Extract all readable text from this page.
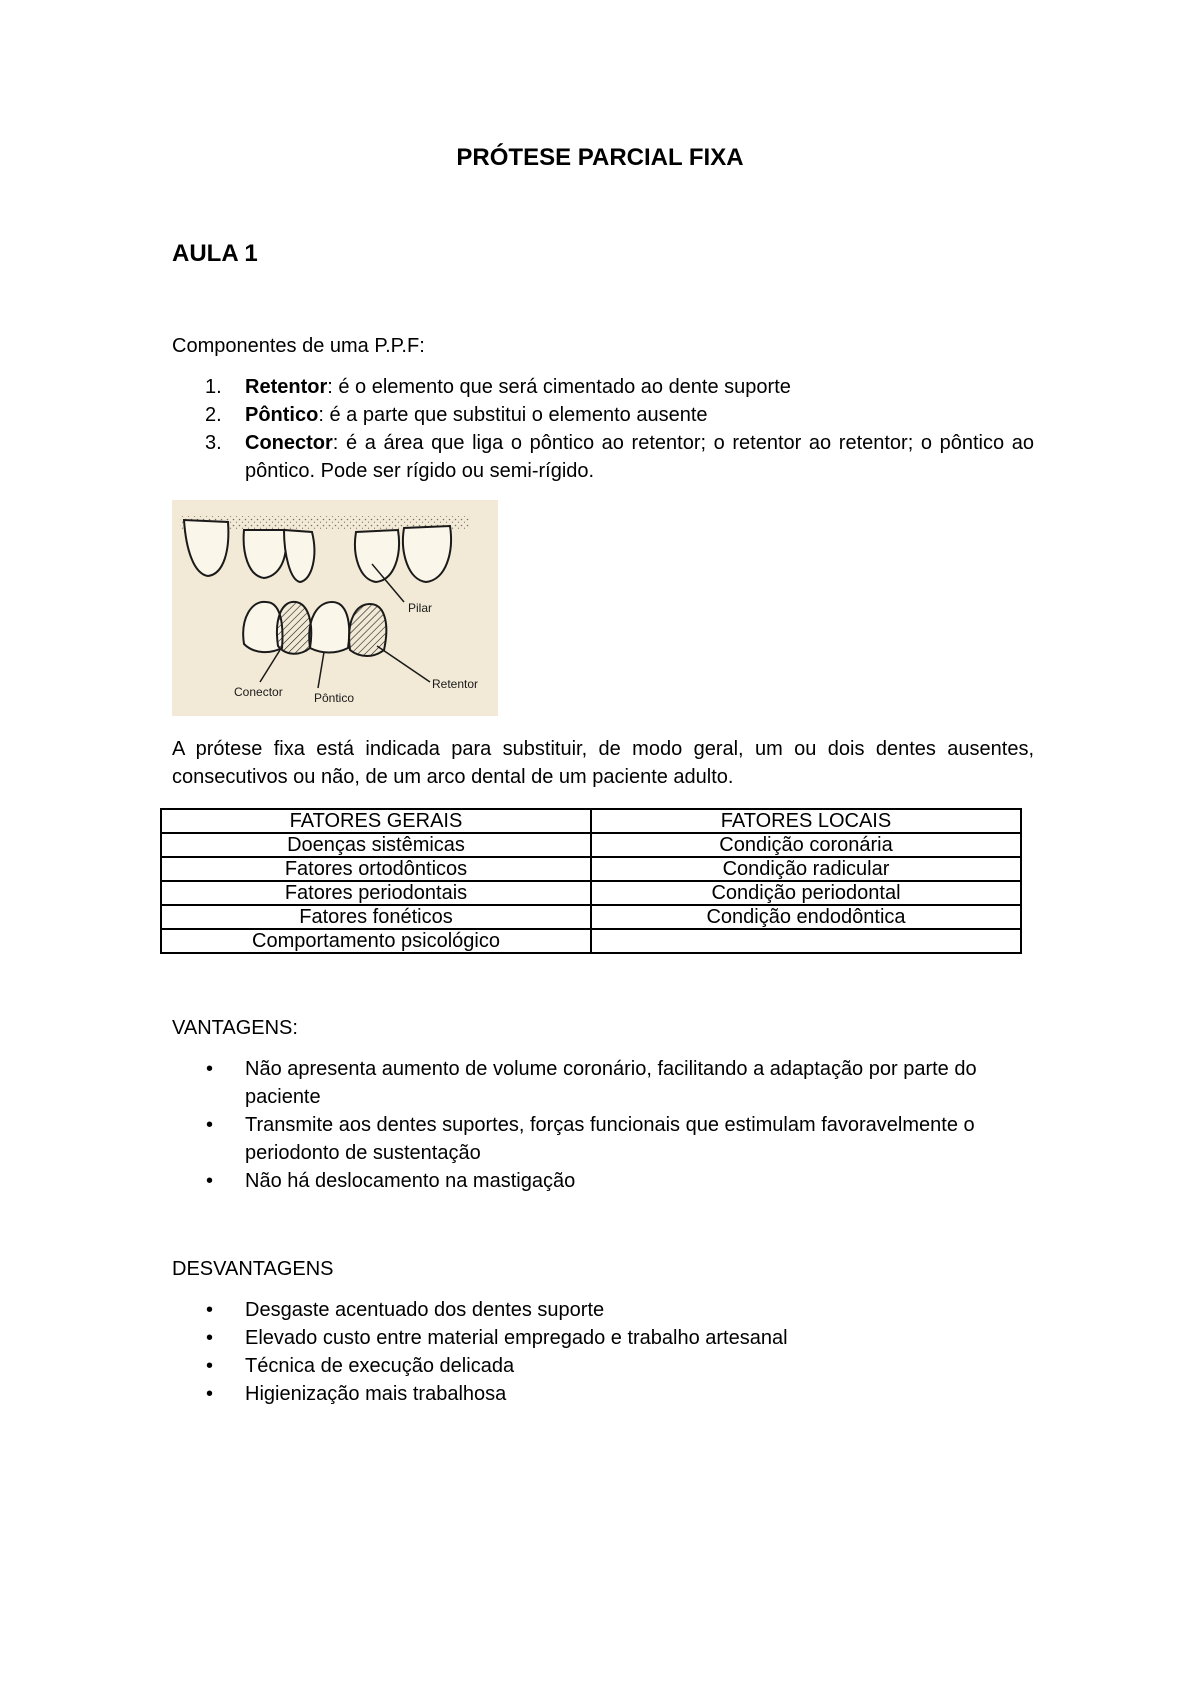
PRÓTESE PARCIAL FIXA
AULA 1
Componentes de uma P.P.F:
1. Retentor: é o elemento que será cimentado ao dente suporte
2. Pôntico: é a parte que substitui o elemento ausente
3. Conector: é a área que liga o pôntico ao retentor; o retentor ao retentor; o pôntico ao pôntico. Pode ser rígido ou semi-rígido.
Pilar
Retentor
Conector	Pôntico
A prótese fixa está indicada para substituir, de modo geral, um ou dois dentes ausentes, consecutivos ou não, de um arco dental de um paciente adulto.
FATORES GERAIS	FATORES LOCAIS
Doenças sistêmicas	Condição coronária
Fatores ortodônticos	Condição radicular
Fatores periodontais	Condição periodontal
Fatores fonéticos	Condição endodôntica
Comportamento psicológico	
VANTAGENS:
• Não apresenta aumento de volume coronário, facilitando a adaptação por parte do paciente
• Transmite aos dentes suportes, forças funcionais que estimulam favoravelmente o periodonto de sustentação
• Não há deslocamento na mastigação
DESVANTAGENS
• Desgaste acentuado dos dentes suporte
• Elevado custo entre material empregado e trabalho artesanal
• Técnica de execução delicada
• Higienização mais trabalhosa
